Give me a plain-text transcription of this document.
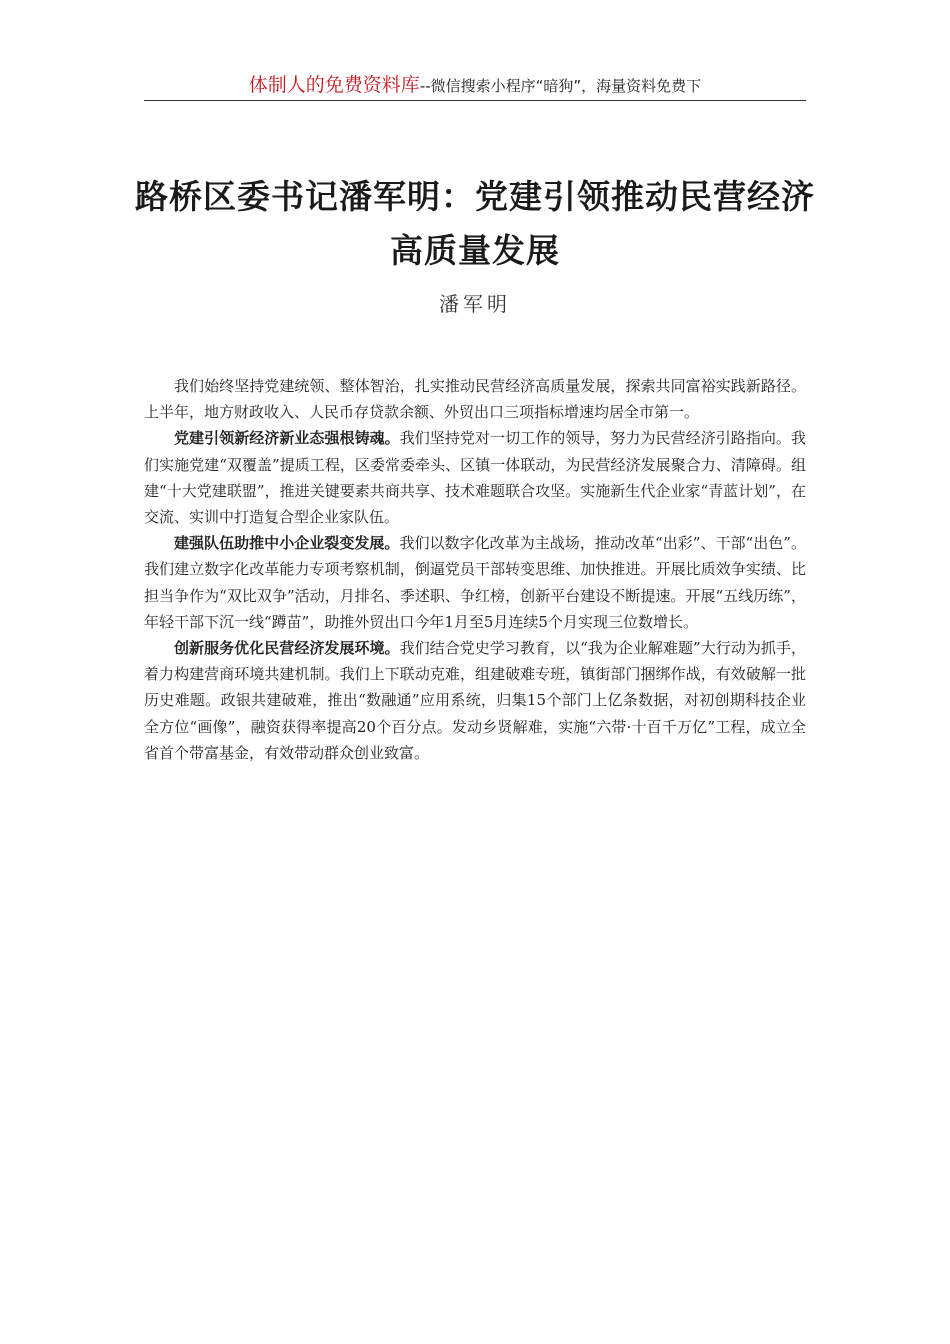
体制人的免费资料库--微信搜索小程序“暗狗”，海量资料免费下
路桥区委书记潘军明：党建引领推动民营经济高质量发展
潘军明

我们始终坚持党建统领、整体智治，扎实推动民营经济高质量发展，探索共同富裕实践新路径。上半年，地方财政收入、人民币存贷款余额、外贸出口三项指标增速均居全市第一。

党建引领新经济新业态强根铸魂。我们坚持党对一切工作的领导，努力为民营经济引路指向。我们实施党建“双覆盖”提质工程，区委常委牵头、区镇一体联动，为民营经济发展聚合力、清障碍。组建“十大党建联盟”，推进关键要素共商共享、技术难题联合攻坚。实施新生代企业家“青蓝计划”，在交流、实训中打造复合型企业家队伍。

建强队伍助推中小企业裂变发展。我们以数字化改革为主战场，推动改革“出彩”、干部“出色”。我们建立数字化改革能力专项考察机制，倒逼党员干部转变思维、加快推进。开展比质效争实绩、比担当争作为“双比双争”活动，月排名、季述职、争红榜，创新平台建设不断提速。开展“五线历练”，年轻干部下沉一线“蹲苗”，助推外贸出口今年1月至5月连续5个月实现三位数增长。

创新服务优化民营经济发展环境。我们结合党史学习教育，以“我为企业解难题”大行动为抓手，着力构建营商环境共建机制。我们上下联动克难，组建破难专班，镇街部门捆绑作战，有效破解一批历史难题。政银共建破难，推出“数融通”应用系统，归集15个部门上亿条数据，对初创期科技企业全方位“画像”，融资获得率提高20个百分点。发动乡贤解难，实施“六带·十百千万亿”工程，成立全省首个带富基金，有效带动群众创业致富。
